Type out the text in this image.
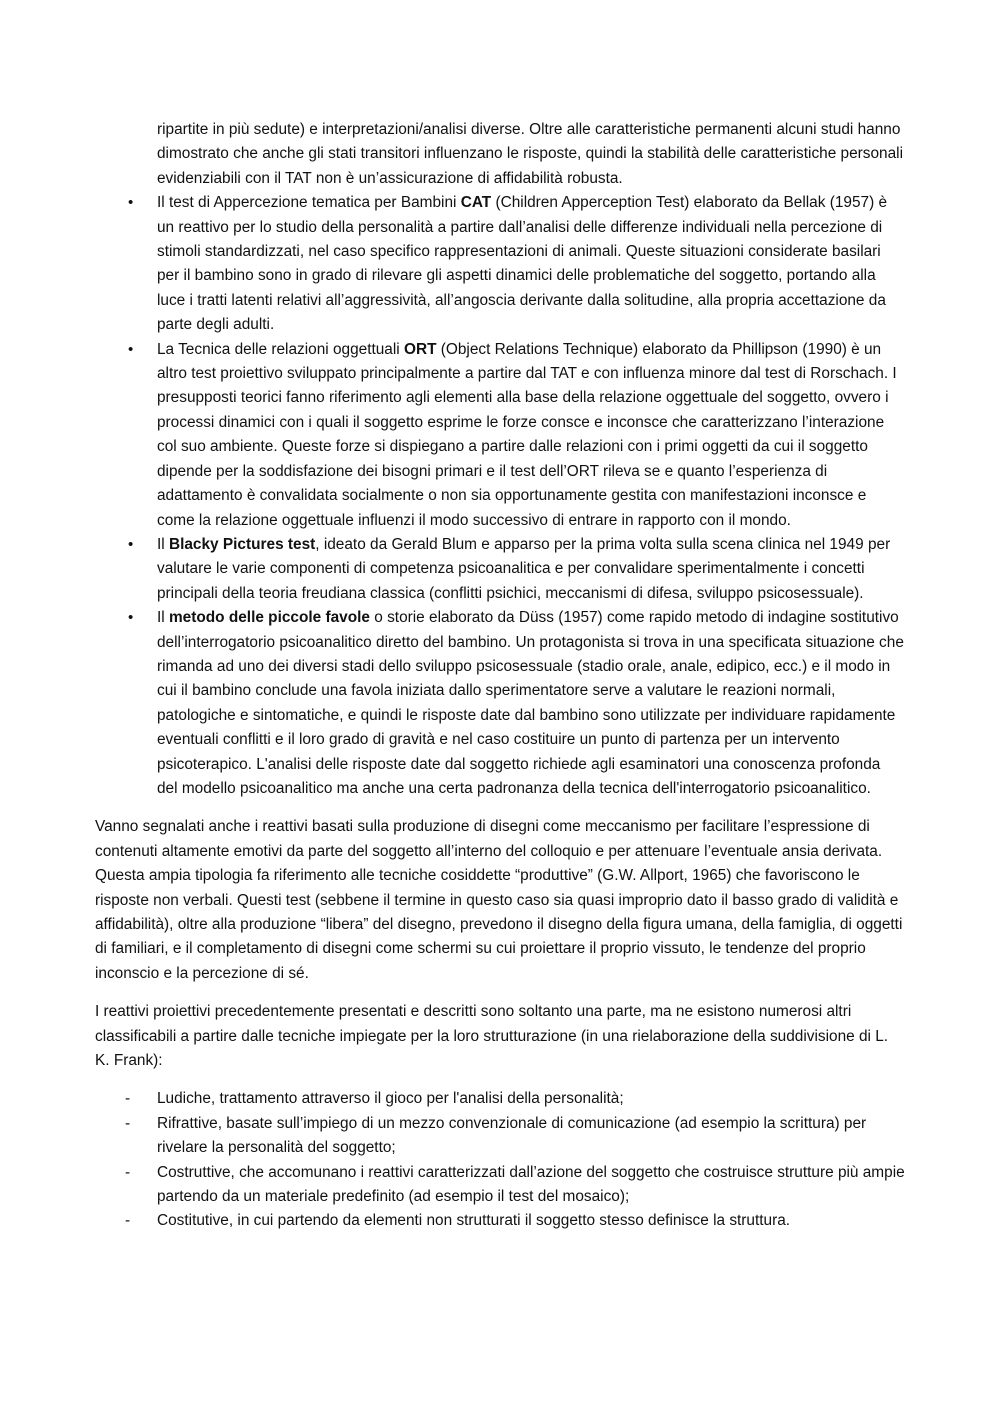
ripartite in più sedute) e interpretazioni/analisi diverse. Oltre alle caratteristiche permanenti alcuni studi hanno dimostrato che anche gli stati transitori influenzano le risposte, quindi la stabilità delle caratteristiche personali evidenziabili con il TAT non è un’assicurazione di affidabilità robusta.

• Il test di Appercezione tematica per Bambini CAT (Children Apperception Test) elaborato da Bellak (1957) è un reattivo per lo studio della personalità a partire dall’analisi delle differenze individuali nella percezione di stimoli standardizzati, nel caso specifico rappresentazioni di animali. Queste situazioni considerate basilari per il bambino sono in grado di rilevare gli aspetti dinamici delle problematiche del soggetto, portando alla luce i tratti latenti relativi all’aggressività, all’angoscia derivante dalla solitudine, alla propria accettazione da parte degli adulti.
• La Tecnica delle relazioni oggettuali ORT (Object Relations Technique) elaborato da Phillipson (1990) è un altro test proiettivo sviluppato principalmente a partire dal TAT e con influenza minore dal test di Rorschach. I presupposti teorici fanno riferimento agli elementi alla base della relazione oggettuale del soggetto, ovvero i processi dinamici con i quali il soggetto esprime le forze consce e inconsce che caratterizzano l’interazione col suo ambiente. Queste forze si dispiegano a partire dalle relazioni con i primi oggetti da cui il soggetto dipende per la soddisfazione dei bisogni primari e il test dell’ORT rileva se e quanto l’esperienza di adattamento è convalidata socialmente o non sia opportunamente gestita con manifestazioni inconsce e come la relazione oggettuale influenzi il modo successivo di entrare in rapporto con il mondo.
• Il Blacky Pictures test, ideato da Gerald Blum e apparso per la prima volta sulla scena clinica nel 1949 per valutare le varie componenti di competenza psicoanalitica e per convalidare sperimentalmente i concetti principali della teoria freudiana classica (conflitti psichici, meccanismi di difesa, sviluppo psicosessuale).
• Il metodo delle piccole favole o storie elaborato da Düss (1957) come rapido metodo di indagine sostitutivo dell’interrogatorio psicoanalitico diretto del bambino. Un protagonista si trova in una specificata situazione che rimanda ad uno dei diversi stadi dello sviluppo psicosessuale (stadio orale, anale, edipico, ecc.) e il modo in cui il bambino conclude una favola iniziata dallo sperimentatore serve a valutare le reazioni normali, patologiche e sintomatiche, e quindi le risposte date dal bambino sono utilizzate per individuare rapidamente eventuali conflitti e il loro grado di gravità e nel caso costituire un punto di partenza per un intervento psicoterapico. L'analisi delle risposte date dal soggetto richiede agli esaminatori una conoscenza profonda del modello psicoanalitico ma anche una certa padronanza della tecnica dell'interrogatorio psicoanalitico.

Vanno segnalati anche i reattivi basati sulla produzione di disegni come meccanismo per facilitare l’espressione di contenuti altamente emotivi da parte del soggetto all’interno del colloquio e per attenuare l’eventuale ansia derivata. Questa ampia tipologia fa riferimento alle tecniche cosiddette “produttive” (G.W. Allport, 1965) che favoriscono le risposte non verbali. Questi test (sebbene il termine in questo caso sia quasi improprio dato il basso grado di validità e affidabilità), oltre alla produzione “libera” del disegno, prevedono il disegno della figura umana, della famiglia, di oggetti di familiari, e il completamento di disegni come schermi su cui proiettare il proprio vissuto, le tendenze del proprio inconscio e la percezione di sé.

I reattivi proiettivi precedentemente presentati e descritti sono soltanto una parte, ma ne esistono numerosi altri classificabili a partire dalle tecniche impiegate per la loro strutturazione (in una rielaborazione della suddivisione di L. K. Frank):

- Ludiche, trattamento attraverso il gioco per l'analisi della personalità;
- Rifrattive, basate sull’impiego di un mezzo convenzionale di comunicazione (ad esempio la scrittura) per rivelare la personalità del soggetto;
- Costruttive, che accomunano i reattivi caratterizzati dall’azione del soggetto che costruisce strutture più ampie partendo da un materiale predefinito (ad esempio il test del mosaico);
- Costitutive, in cui partendo da elementi non strutturati il soggetto stesso definisce la struttura.
